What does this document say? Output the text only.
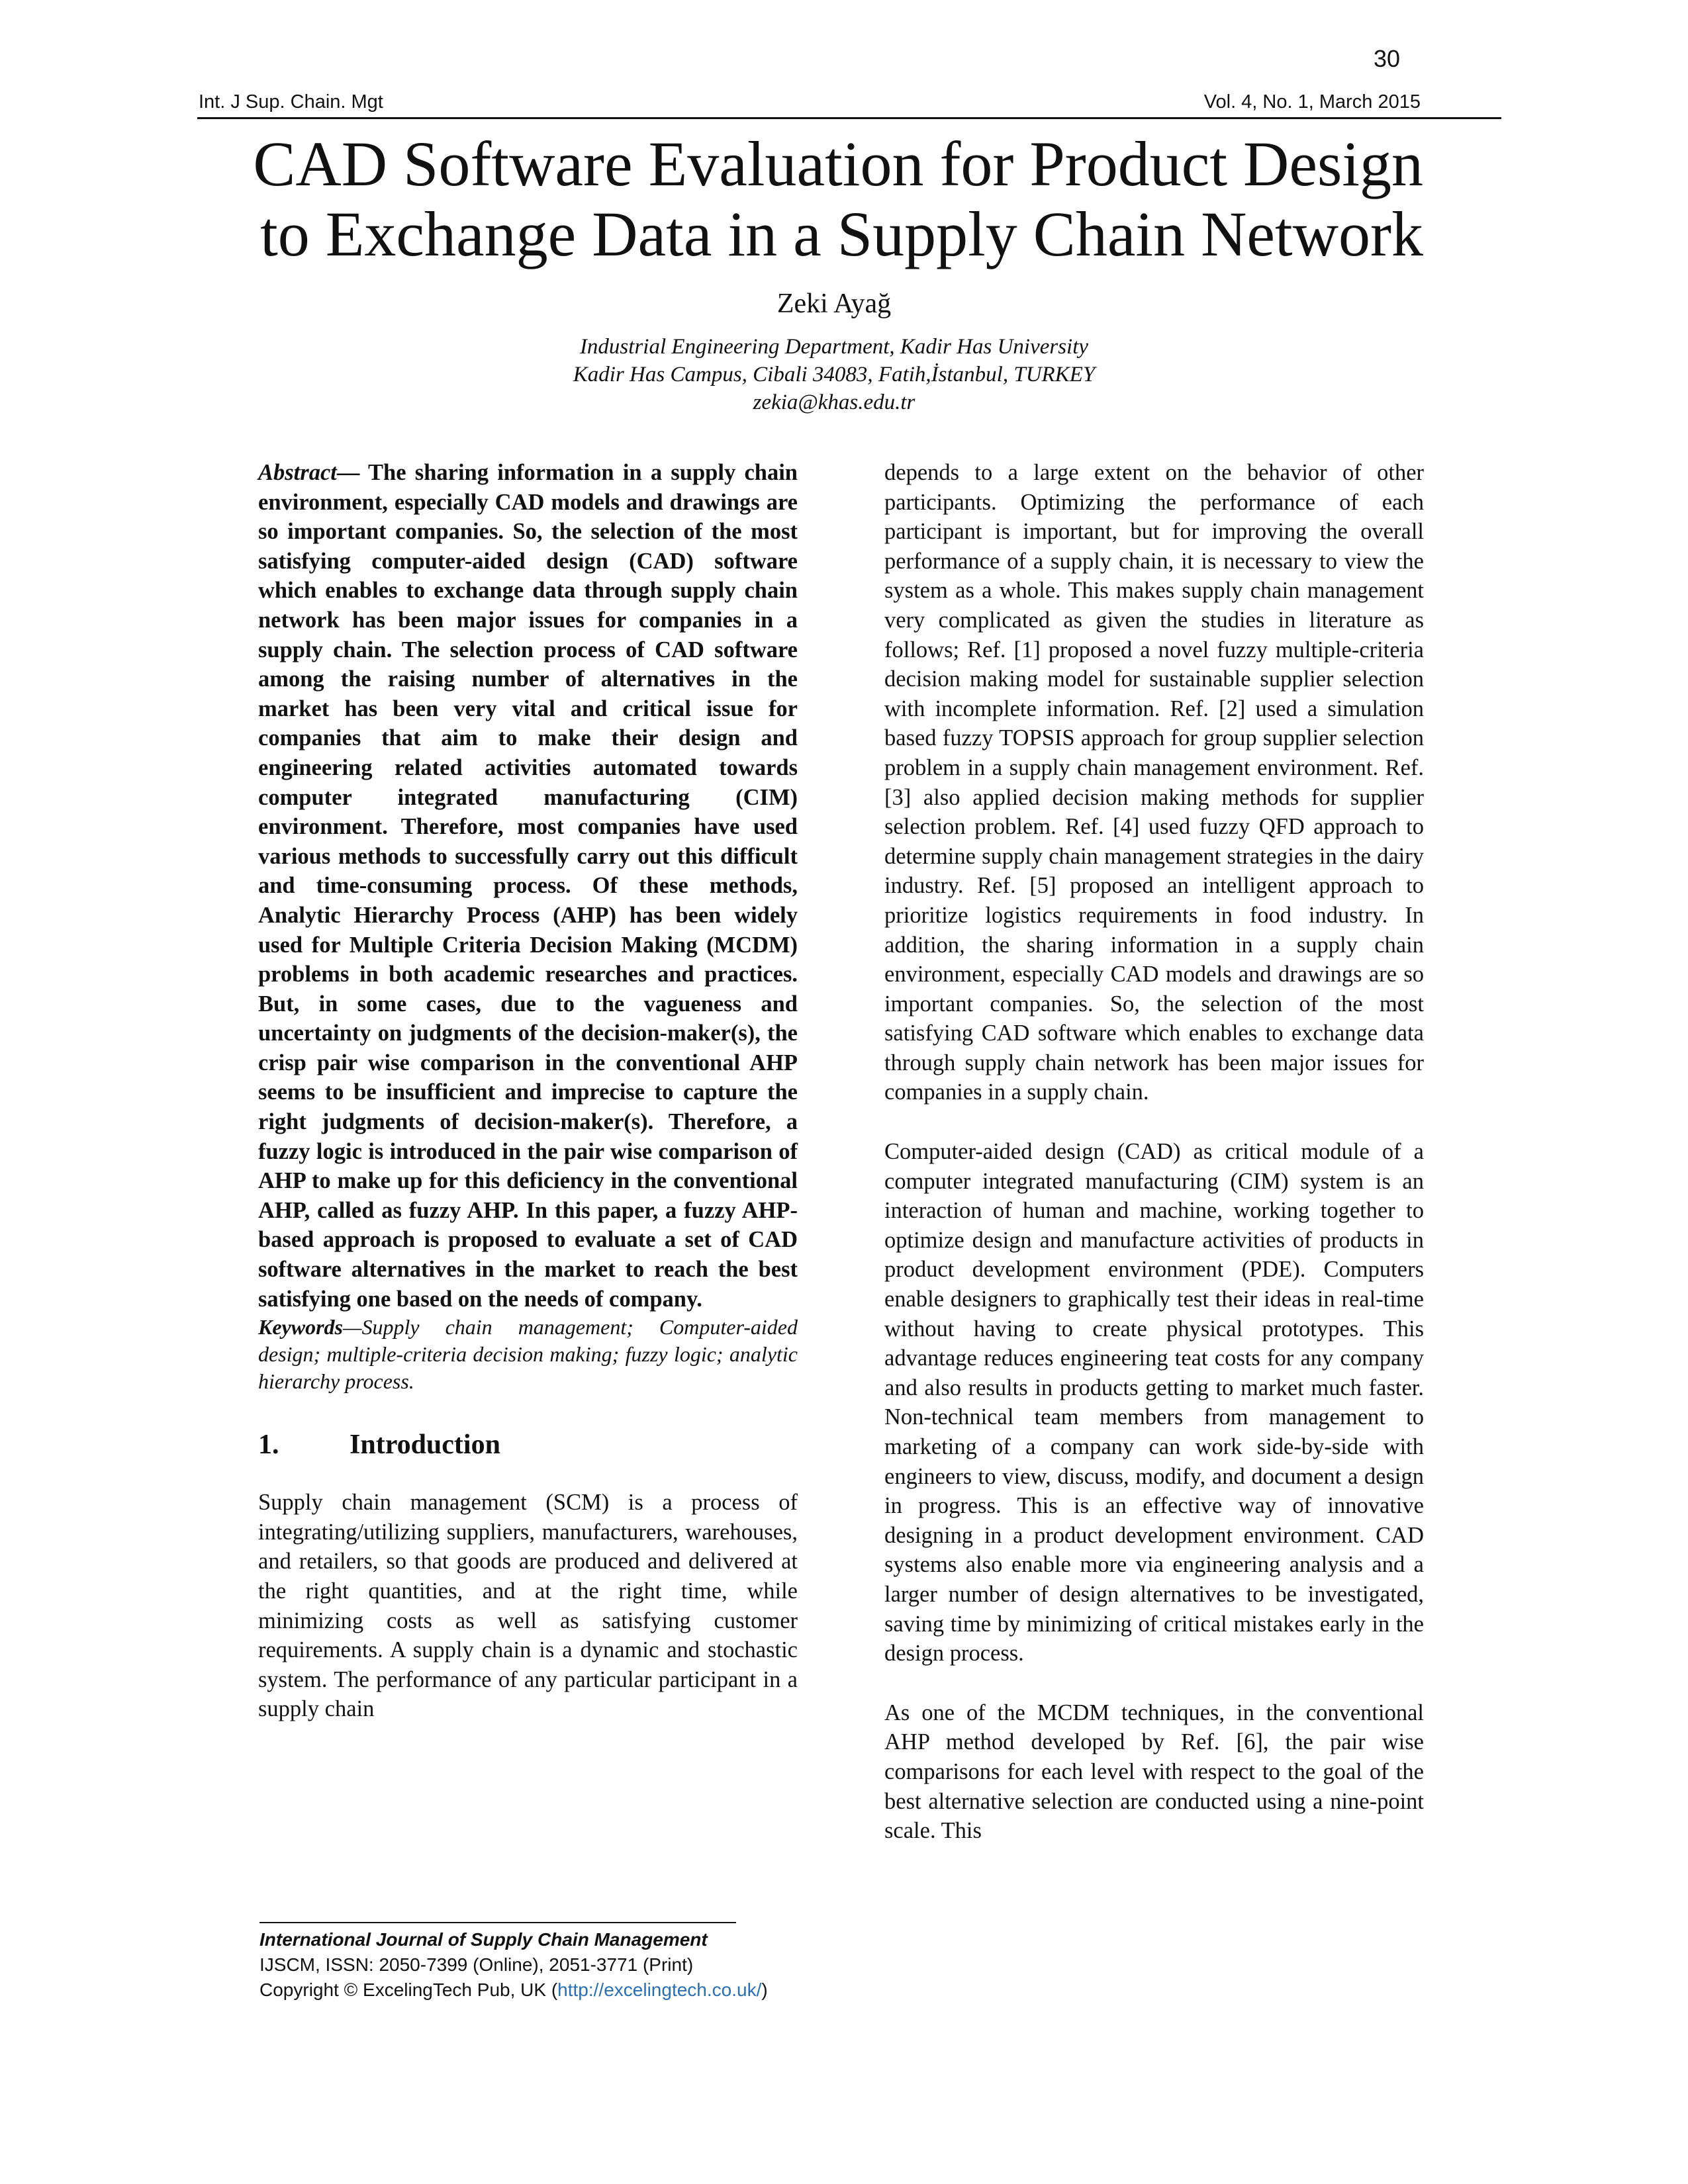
30
Int. J Sup. Chain. Mgt	Vol. 4, No. 1, March 2015
CAD Software Evaluation for Product Design
to Exchange Data in a Supply Chain Network
Zeki Ayağ
Industrial Engineering Department, Kadir Has University
Kadir Has Campus, Cibali 34083, Fatih,İstanbul, TURKEY
zekia@khas.edu.tr

Abstract— The sharing information in a supply chain environment, especially CAD models and drawings are so important companies. So, the selection of the most satisfying computer-aided design (CAD) software which enables to exchange data through supply chain network has been major issues for companies in a supply chain. The selection process of CAD software among the raising number of alternatives in the market has been very vital and critical issue for companies that aim to make their design and engineering related activities automated towards computer integrated manufacturing (CIM) environment. Therefore, most companies have used various methods to successfully carry out this difficult and time-consuming process. Of these methods, Analytic Hierarchy Process (AHP) has been widely used for Multiple Criteria Decision Making (MCDM) problems in both academic researches and practices. But, in some cases, due to the vagueness and uncertainty on judgments of the decision-maker(s), the crisp pair wise comparison in the conventional AHP seems to be insufficient and imprecise to capture the right judgments of decision-maker(s). Therefore, a fuzzy logic is introduced in the pair wise comparison of AHP to make up for this deficiency in the conventional AHP, called as fuzzy AHP. In this paper, a fuzzy AHP-based approach is proposed to evaluate a set of CAD software alternatives in the market to reach the best satisfying one based on the needs of company.

Keywords—Supply chain management; Computer-aided design; multiple-criteria decision making; fuzzy logic; analytic hierarchy process.

1.	Introduction

Supply chain management (SCM) is a process of integrating/utilizing suppliers, manufacturers, warehouses, and retailers, so that goods are produced and delivered at the right quantities, and at the right time, while minimizing costs as well as satisfying customer requirements. A supply chain is a dynamic and stochastic system. The performance of any particular participant in a supply chain

depends to a large extent on the behavior of other participants. Optimizing the performance of each participant is important, but for improving the overall performance of a supply chain, it is necessary to view the system as a whole. This makes supply chain management very complicated as given the studies in literature as follows; Ref. [1] proposed a novel fuzzy multiple-criteria decision making model for sustainable supplier selection with incomplete information. Ref. [2] used a simulation based fuzzy TOPSIS approach for group supplier selection problem in a supply chain management environment. Ref. [3] also applied decision making methods for supplier selection problem. Ref. [4] used fuzzy QFD approach to determine supply chain management strategies in the dairy industry. Ref. [5] proposed an intelligent approach to prioritize logistics requirements in food industry. In addition, the sharing information in a supply chain environment, especially CAD models and drawings are so important companies. So, the selection of the most satisfying CAD software which enables to exchange data through supply chain network has been major issues for companies in a supply chain.

Computer-aided design (CAD) as critical module of a computer integrated manufacturing (CIM) system is an interaction of human and machine, working together to optimize design and manufacture activities of products in product development environment (PDE). Computers enable designers to graphically test their ideas in real-time without having to create physical prototypes. This advantage reduces engineering teat costs for any company and also results in products getting to market much faster. Non-technical team members from management to marketing of a company can work side-by-side with engineers to view, discuss, modify, and document a design in progress. This is an effective way of innovative designing in a product development environment. CAD systems also enable more via engineering analysis and a larger number of design alternatives to be investigated, saving time by minimizing of critical mistakes early in the design process.

As one of the MCDM techniques, in the conventional AHP method developed by Ref. [6], the pair wise comparisons for each level with respect to the goal of the best alternative selection are conducted using a nine-point scale. This

International Journal of Supply Chain Management
IJSCM, ISSN: 2050-7399 (Online), 2051-3771 (Print)
Copyright © ExcelingTech Pub, UK (http://excelingtech.co.uk/)
